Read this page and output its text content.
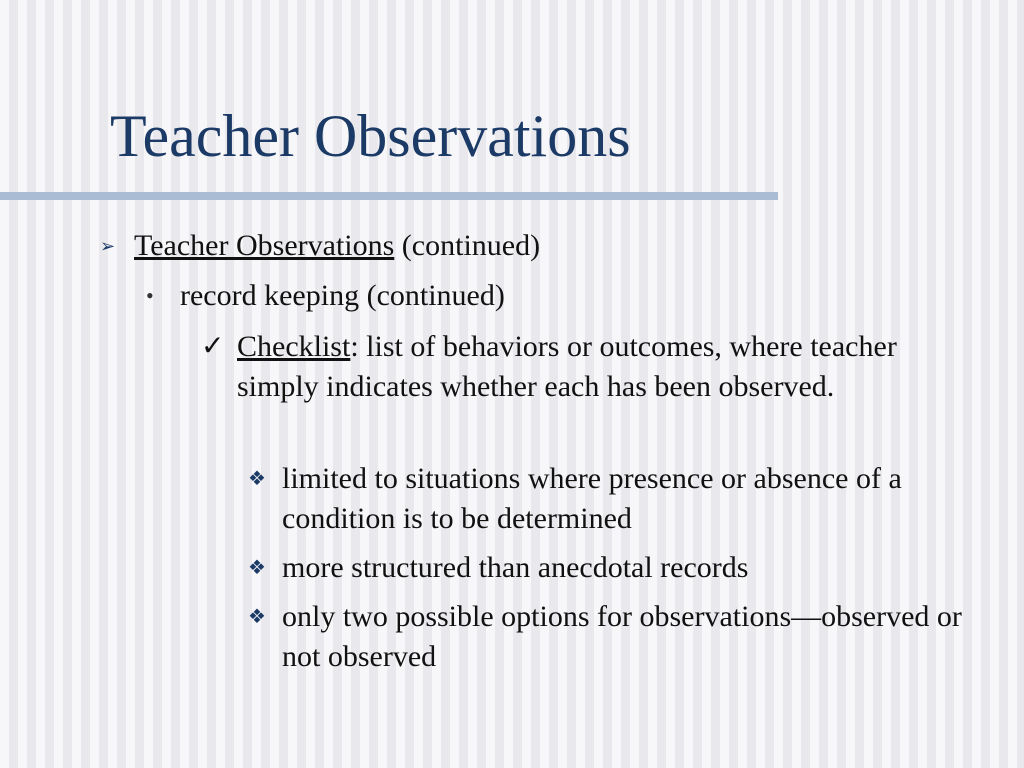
Teacher Observations
➢ Teacher Observations (continued)
• record keeping (continued)
✓ Checklist: list of behaviors or outcomes, where teacher simply indicates whether each has been observed.
❖ limited to situations where presence or absence of a condition is to be determined
❖ more structured than anecdotal records
❖ only two possible options for observations—observed or not observed
